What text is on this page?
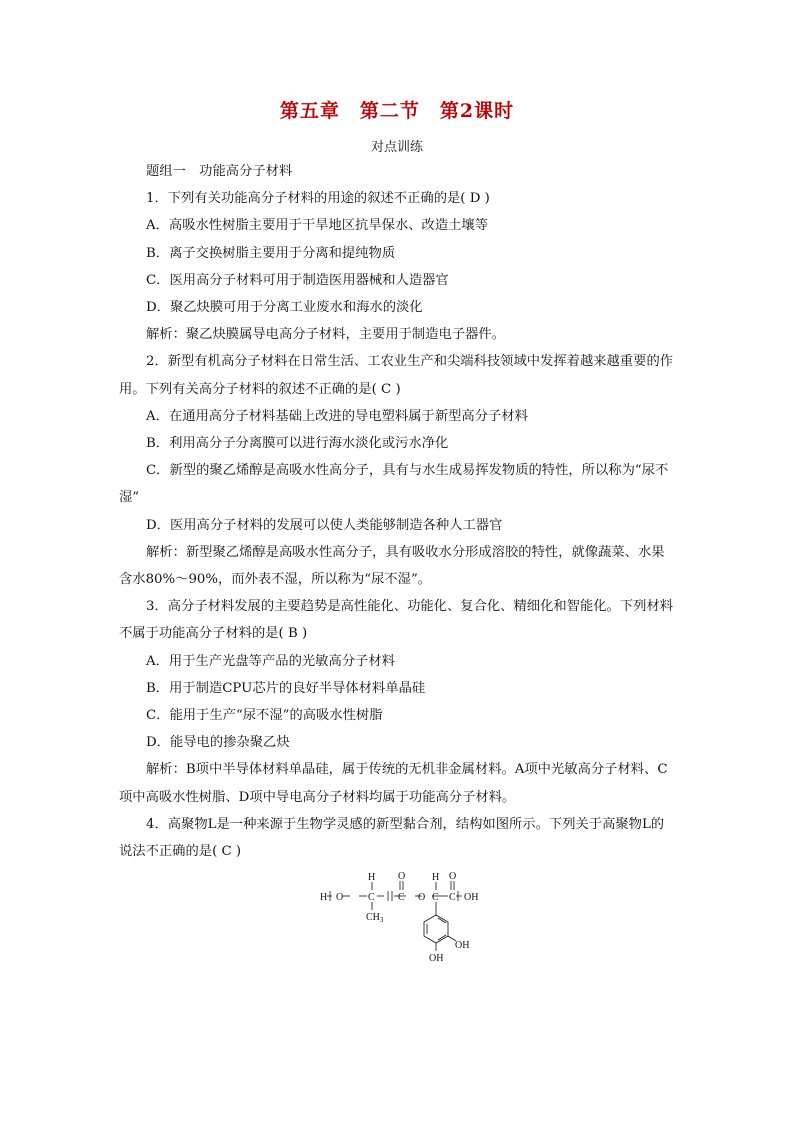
第五章　第二节　第2课时
对点训练
题组一　功能高分子材料
1．下列有关功能高分子材料的用途的叙述不正确的是( D )
A．高吸水性树脂主要用于干旱地区抗旱保水、改造土壤等
B．离子交换树脂主要用于分离和提纯物质
C．医用高分子材料可用于制造医用器械和人造器官
D．聚乙炔膜可用于分离工业废水和海水的淡化
解析：聚乙炔膜属导电高分子材料，主要用于制造电子器件。
2．新型有机高分子材料在日常生活、工农业生产和尖端科技领域中发挥着越来越重要的作用。下列有关高分子材料的叙述不正确的是( C )
A．在通用高分子材料基础上改进的导电塑料属于新型高分子材料
B．利用高分子分离膜可以进行海水淡化或污水净化
C．新型的聚乙烯醇是高吸水性高分子，具有与水生成易挥发物质的特性，所以称为“尿不湿”
D．医用高分子材料的发展可以使人类能够制造各种人工器官
解析：新型聚乙烯醇是高吸水性高分子，具有吸收水分形成溶胶的特性，就像蔬菜、水果含水80%～90%，而外表不湿，所以称为“尿不湿”。
3．高分子材料发展的主要趋势是高性能化、功能化、复合化、精细化和智能化。下列材料不属于功能高分子材料的是( B )
A．用于生产光盘等产品的光敏高分子材料
B．用于制造CPU芯片的良好半导体材料单晶硅
C．能用于生产“尿不湿”的高吸水性树脂
D．能导电的掺杂聚乙炔
解析：B项中半导体材料单晶硅，属于传统的无机非金属材料。A项中光敏高分子材料、C项中高吸水性树脂、D项中导电高分子材料均属于功能高分子材料。
4．高聚物L是一种来源于生物学灵感的新型黏合剂，结构如图所示。下列关于高聚物L的说法不正确的是( C )
H O C
H
$CH_3$
C
O
O C
H
C
O
OH
OH
OH
